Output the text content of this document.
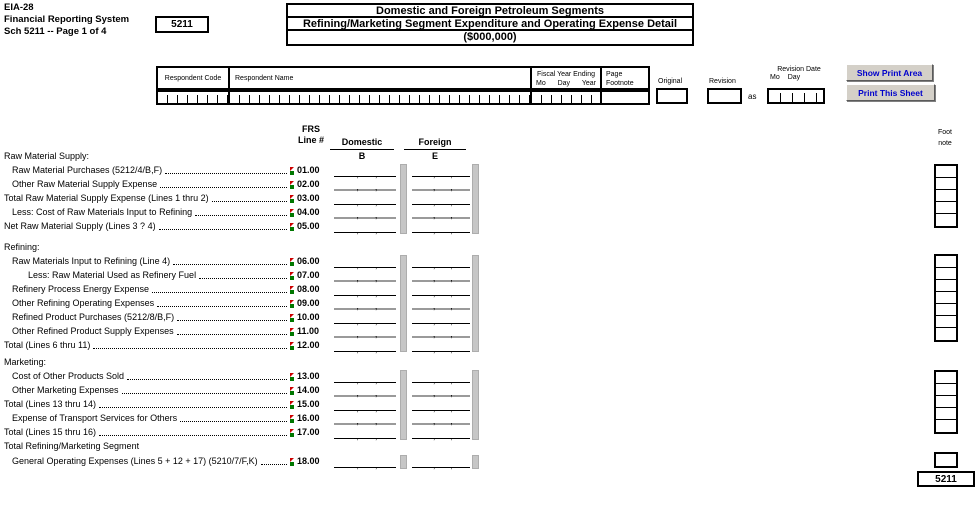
EIA-28
Financial Reporting System
Sch 5211 -- Page 1 of 4
5211
Domestic and Foreign Petroleum Segments
Refining/Marketing Segment Expenditure and Operating Expense Detail
($000,000)
Respondent Code	Respondent Name
Fiscal Year Ending
Mo Day Year
Page
Footnote	Original	Revision
as
Revision Date
Mo Day	Show Print Area
Print This Sheet
FRS
Line #	Domestic
B
Foreign
E
Foot
note
Raw Material Supply:
Raw Material Purchases (5212/4/B,F)	01.00
, ,
, ,
Other Raw Material Supply Expense	02.00
, ,
, ,
Total Raw Material Supply Expense (Lines 1 thru 2)	03.00
, ,
, ,
Less: Cost of Raw Materials Input to Refining	04.00
, ,
, ,
Net Raw Material Supply (Lines 3 ? 4)	05.00
, ,
, ,
Refining:
Raw Materials Input to Refining (Line 4)	06.00
, ,
, ,
Less: Raw Material Used as Refinery Fuel	07.00
, ,
, ,
Refinery Process Energy Expense	08.00
, ,
, ,
Other Refining Operating Expenses	09.00
, ,
, ,
Refined Product Purchases (5212/8/B,F)	10.00
, ,
, ,
Other Refined Product Supply Expenses	11.00
, ,
, ,
Total (Lines 6 thru 11)	12.00
, ,
, ,
Marketing:
Cost of Other Products Sold	13.00
, ,
, ,
Other Marketing Expenses	14.00
, ,
, ,
Total (Lines 13 thru 14)	15.00
, ,
, ,
Expense of Transport Services for Others	16.00
, ,
, ,
Total (Lines 15 thru 16)	17.00
, ,
, ,
Total Refining/Marketing Segment
General Operating Expenses (Lines 5 + 12 + 17) (5210/7/F,K)	18.00
, ,
, ,
5211
